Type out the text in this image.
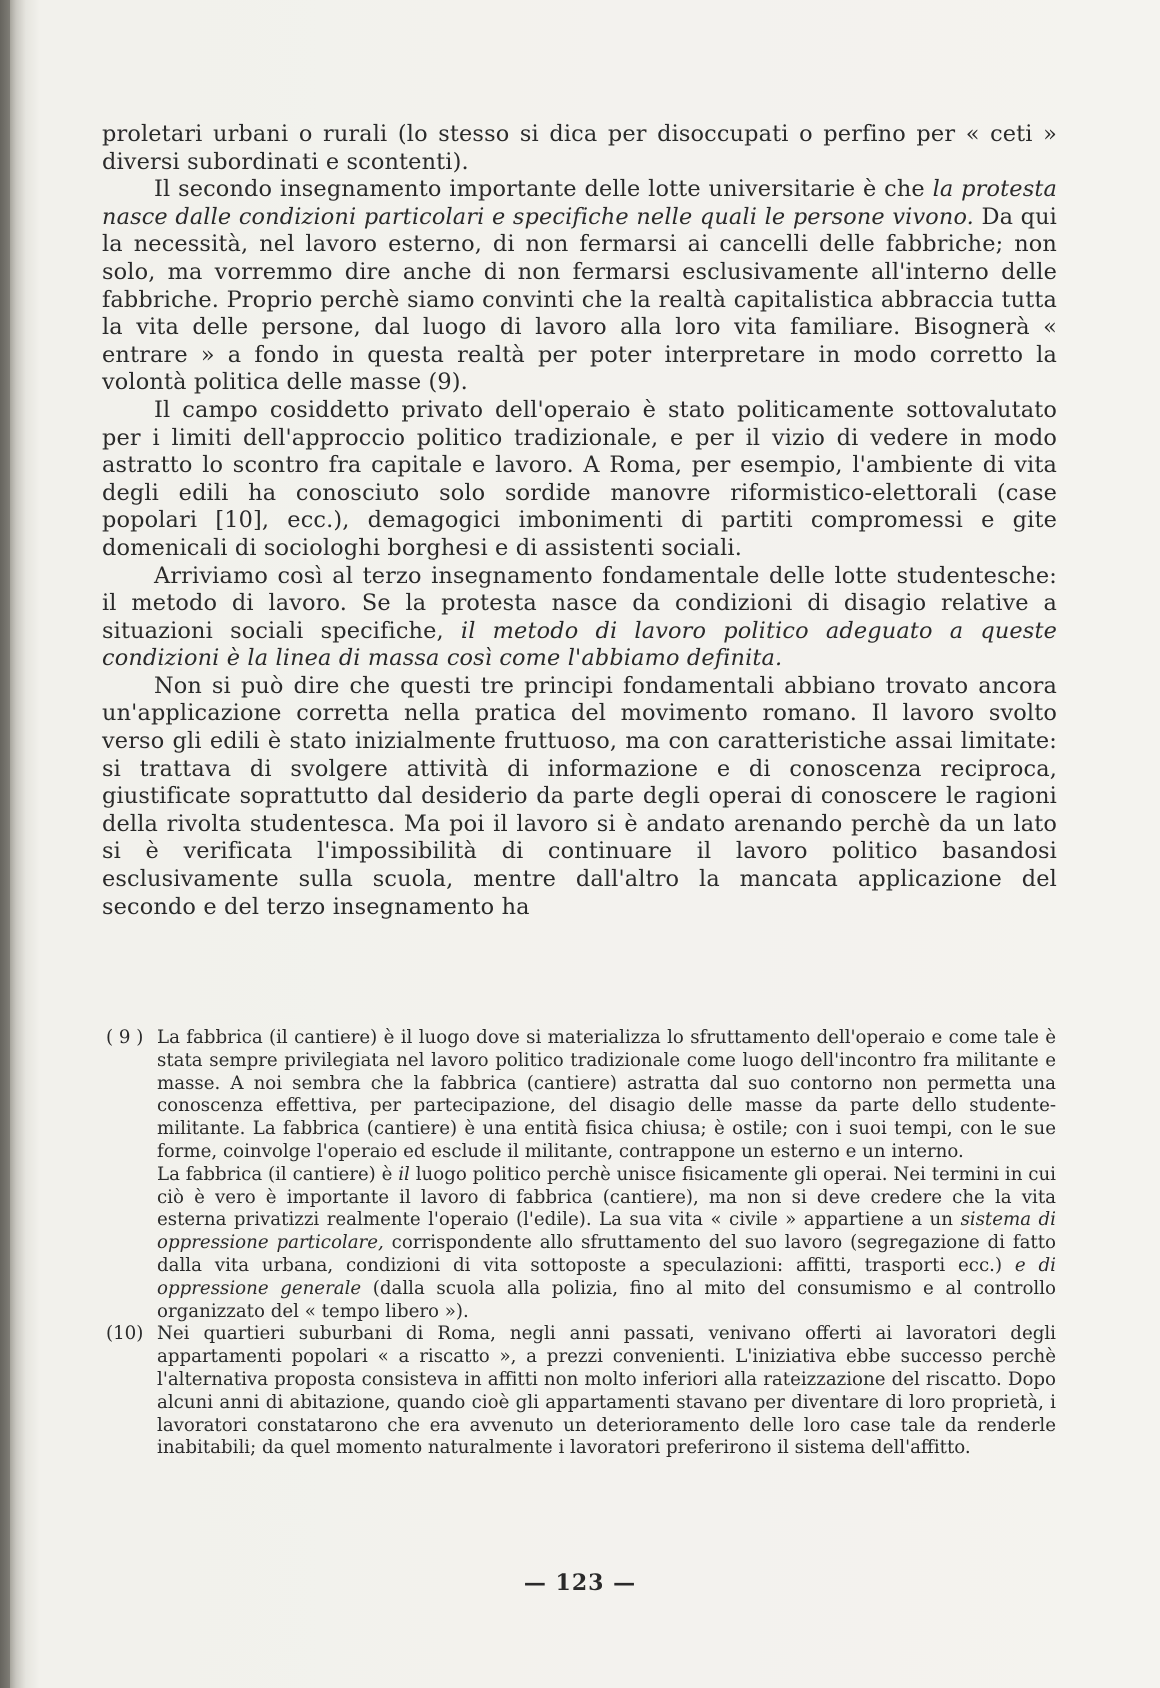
proletari urbani o rurali (lo stesso si dica per disoccupati o perfino per « ceti » diversi subordinati e scontenti).

Il secondo insegnamento importante delle lotte universitarie è che la protesta nasce dalle condizioni particolari e specifiche nelle quali le persone vivono. Da qui la necessità, nel lavoro esterno, di non fermarsi ai cancelli delle fabbriche; non solo, ma vorremmo dire anche di non fermarsi esclusivamente all'interno delle fabbriche. Proprio perchè siamo convinti che la realtà capitalistica abbraccia tutta la vita delle persone, dal luogo di lavoro alla loro vita familiare. Bisognerà « entrare » a fondo in questa realtà per poter interpretare in modo corretto la volontà politica delle masse (9).

Il campo cosiddetto privato dell'operaio è stato politicamente sottovalutato per i limiti dell'approccio politico tradizionale, e per il vizio di vedere in modo astratto lo scontro fra capitale e lavoro. A Roma, per esempio, l'ambiente di vita degli edili ha conosciuto solo sordide manovre riformistico-elettorali (case popolari [10], ecc.), demagogici imbonimenti di partiti compromessi e gite domenicali di sociologhi borghesi e di assistenti sociali.

Arriviamo così al terzo insegnamento fondamentale delle lotte studentesche: il metodo di lavoro. Se la protesta nasce da condizioni di disagio relative a situazioni sociali specifiche, il metodo di lavoro politico adeguato a queste condizioni è la linea di massa così come l'abbiamo definita.

Non si può dire che questi tre principi fondamentali abbiano trovato ancora un'applicazione corretta nella pratica del movimento romano. Il lavoro svolto verso gli edili è stato inizialmente fruttuoso, ma con caratteristiche assai limitate: si trattava di svolgere attività di informazione e di conoscenza reciproca, giustificate soprattutto dal desiderio da parte degli operai di conoscere le ragioni della rivolta studentesca. Ma poi il lavoro si è andato arenando perchè da un lato si è verificata l'impossibilità di continuare il lavoro politico basandosi esclusivamente sulla scuola, mentre dall'altro la mancata applicazione del secondo e del terzo insegnamento ha

( 9 ) La fabbrica (il cantiere) è il luogo dove si materializza lo sfruttamento dell'operaio e come tale è stata sempre privilegiata nel lavoro politico tradizionale come luogo dell'incontro fra militante e masse. A noi sembra che la fabbrica (cantiere) astratta dal suo contorno non permetta una conoscenza effettiva, per partecipazione, del disagio delle masse da parte dello studente-militante. La fabbrica (cantiere) è una entità fisica chiusa; è ostile; con i suoi tempi, con le sue forme, coinvolge l'operaio ed esclude il militante, contrappone un esterno e un interno.

La fabbrica (il cantiere) è il luogo politico perchè unisce fisicamente gli operai. Nei termini in cui ciò è vero è importante il lavoro di fabbrica (cantiere), ma non si deve credere che la vita esterna privatizzi realmente l'operaio (l'edile). La sua vita « civile » appartiene a un sistema di oppressione particolare, corrispondente allo sfruttamento del suo lavoro (segregazione di fatto dalla vita urbana, condizioni di vita sottoposte a speculazioni: affitti, trasporti ecc.) e di oppressione generale (dalla scuola alla polizia, fino al mito del consumismo e al controllo organizzato del « tempo libero »).

(10) Nei quartieri suburbani di Roma, negli anni passati, venivano offerti ai lavoratori degli appartamenti popolari « a riscatto », a prezzi convenienti. L'iniziativa ebbe successo perchè l'alternativa proposta consisteva in affitti non molto inferiori alla rateizzazione del riscatto. Dopo alcuni anni di abitazione, quando cioè gli appartamenti stavano per diventare di loro proprietà, i lavoratori constatarono che era avvenuto un deterioramento delle loro case tale da renderle inabitabili; da quel momento naturalmente i lavoratori preferirono il sistema dell'affitto.

— 123 —
